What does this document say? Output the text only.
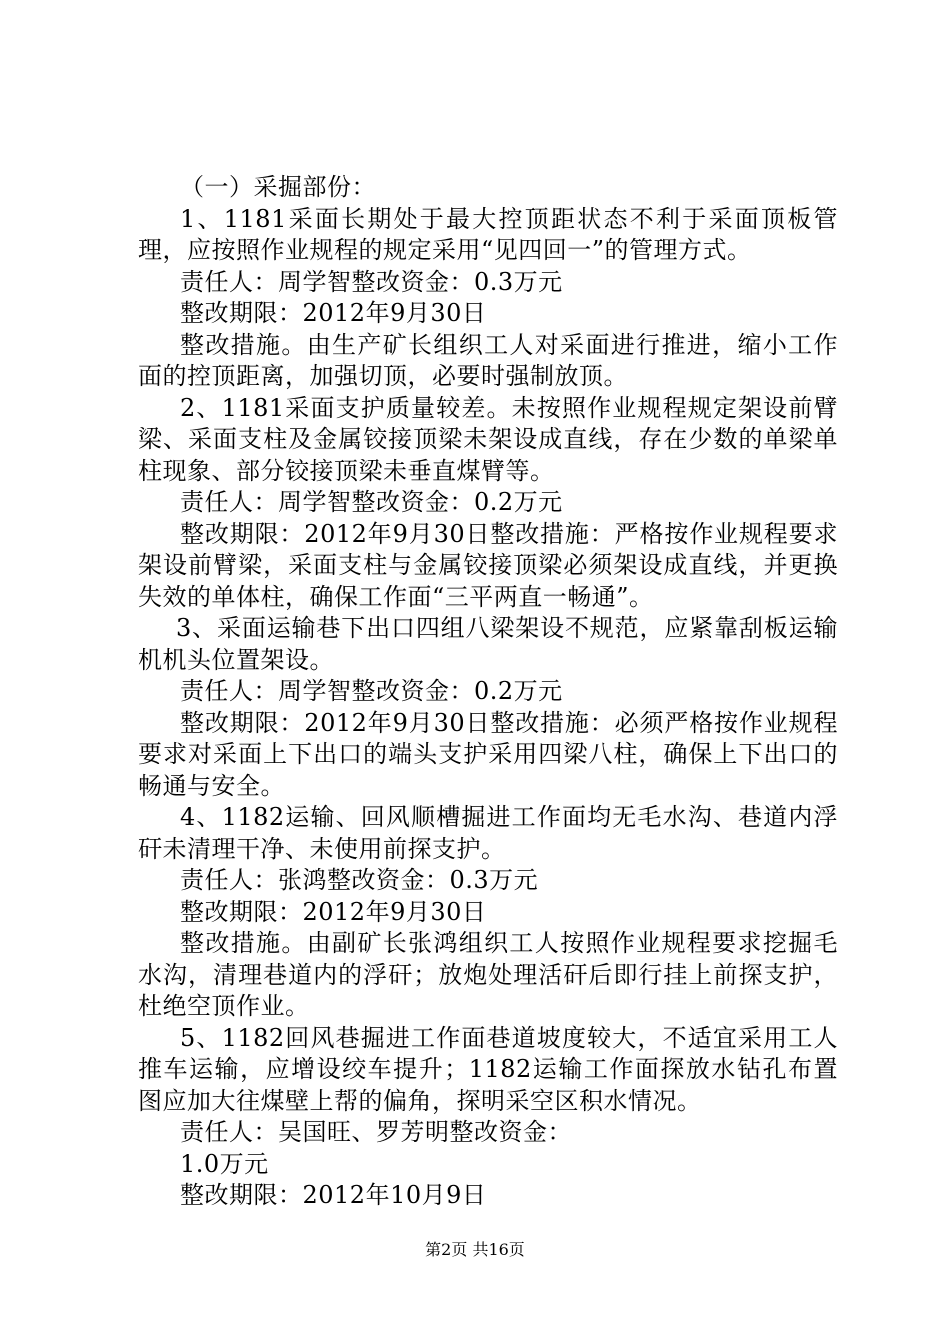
（一）采掘部份：

1、1181采面长期处于最大控顶距状态不利于采面顶板管理，应按照作业规程的规定采用“见四回一”的管理方式。

责任人：周学智整改资金：0.3万元

整改期限：2012年9月30日

整改措施。由生产矿长组织工人对采面进行推进，缩小工作面的控顶距离，加强切顶，必要时强制放顶。

2、1181采面支护质量较差。未按照作业规程规定架设前臂梁、采面支柱及金属铰接顶梁未架设成直线，存在少数的单梁单柱现象、部分铰接顶梁未垂直煤臂等。

责任人：周学智整改资金：0.2万元

整改期限：2012年9月30日整改措施：严格按作业规程要求架设前臂梁，采面支柱与金属铰接顶梁必须架设成直线，并更换失效的单体柱，确保工作面“三平两直一畅通”。

3、采面运输巷下出口四组八梁架设不规范，应紧靠刮板运输机机头位置架设。

责任人：周学智整改资金：0.2万元

整改期限：2012年9月30日整改措施：必须严格按作业规程要求对采面上下出口的端头支护采用四梁八柱，确保上下出口的畅通与安全。

4、1182运输、回风顺槽掘进工作面均无毛水沟、巷道内浮矸未清理干净、未使用前探支护。

责任人：张鸿整改资金：0.3万元

整改期限：2012年9月30日

整改措施。由副矿长张鸿组织工人按照作业规程要求挖掘毛水沟，清理巷道内的浮矸；放炮处理活矸后即行挂上前探支护，杜绝空顶作业。

5、1182回风巷掘进工作面巷道坡度较大，不适宜采用工人推车运输，应增设绞车提升；1182运输工作面探放水钻孔布置图应加大往煤壁上帮的偏角，探明采空区积水情况。

责任人：吴国旺、罗芳明整改资金：

1.0万元

整改期限：2012年10月9日

第2页 共16页
